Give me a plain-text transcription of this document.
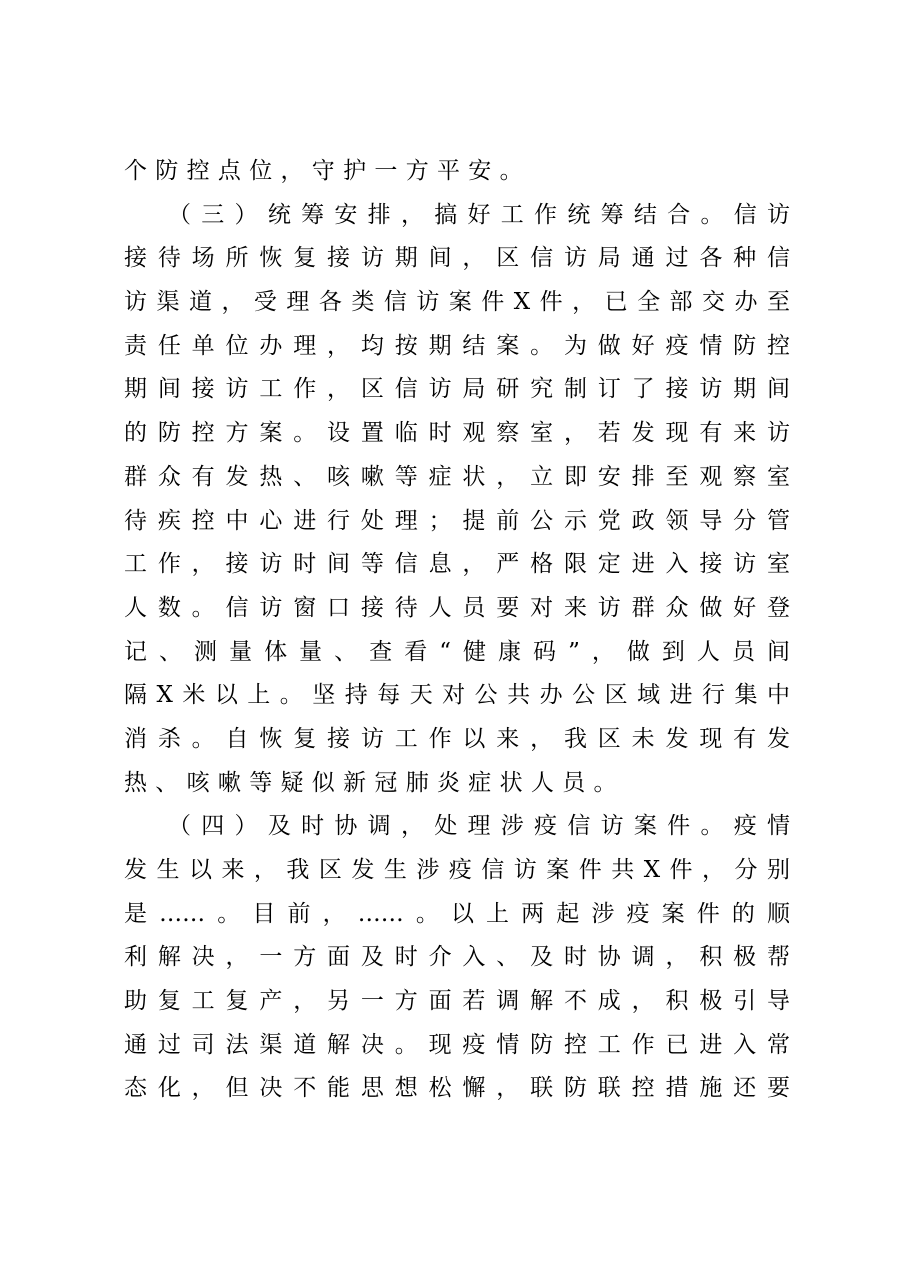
个防控点位，守护一方平安。
（三）统筹安排，搞好工作统筹结合。信访
接待场所恢复接访期间，区信访局通过各种信
访渠道，受理各类信访案件X件，已全部交办至
责任单位办理，均按期结案。为做好疫情防控
期间接访工作，区信访局研究制订了接访期间
的防控方案。设置临时观察室，若发现有来访
群众有发热、咳嗽等症状，立即安排至观察室
待疾控中心进行处理；提前公示党政领导分管
工作，接访时间等信息，严格限定进入接访室
人数。信访窗口接待人员要对来访群众做好登
记、测量体量、查看“健康码”，做到人员间
隔X米以上。坚持每天对公共办公区域进行集中
消杀。自恢复接访工作以来，我区未发现有发
热、咳嗽等疑似新冠肺炎症状人员。
（四）及时协调，处理涉疫信访案件。疫情
发生以来，我区发生涉疫信访案件共X件，分别
是……。目前，……。以上两起涉疫案件的顺
利解决，一方面及时介入、及时协调，积极帮
助复工复产，另一方面若调解不成，积极引导
通过司法渠道解决。现疫情防控工作已进入常
态化，但决不能思想松懈，联防联控措施还要
